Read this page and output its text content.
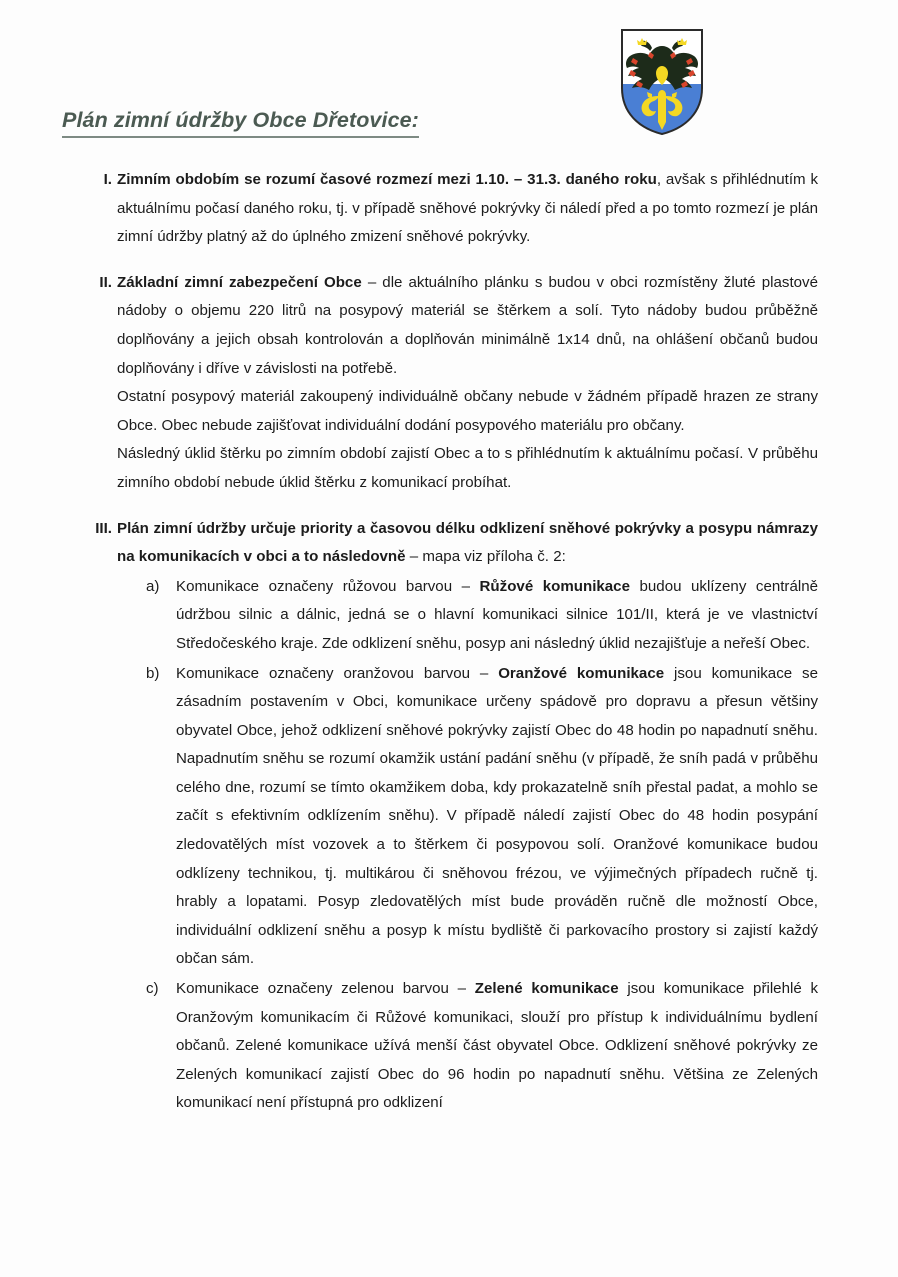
Plán zimní údržby Obce Dřetovice:
I. Zimním obdobím se rozumí časové rozmezí mezi 1.10. – 31.3. daného roku, avšak s přihlédnutím k aktuálnímu počasí daného roku, tj. v případě sněhové pokrývky či náledí před a po tomto rozmezí je plán zimní údržby platný až do úplného zmizení sněhové pokrývky.

II. Základní zimní zabezpečení Obce – dle aktuálního plánku s budou v obci rozmístěny žluté plastové nádoby o objemu 220 litrů na posypový materiál se štěrkem a solí. Tyto nádoby budou průběžně doplňovány a jejich obsah kontrolován a doplňován minimálně 1x14 dnů, na ohlášení občanů budou doplňovány i dříve v závislosti na potřebě.

Ostatní posypový materiál zakoupený individuálně občany nebude v žádném případě hrazen ze strany Obce. Obec nebude zajišťovat individuální dodání posypového materiálu pro občany.

Následný úklid štěrku po zimním období zajistí Obec a to s přihlédnutím k aktuálnímu počasí. V průběhu zimního období nebude úklid štěrku z komunikací probíhat.

III. Plán zimní údržby určuje priority a časovou délku odklizení sněhové pokrývky a posypu námrazy na komunikacích v obci a to následovně – mapa viz příloha č. 2:

a)	Komunikace označeny růžovou barvou – Růžové komunikace budou uklízeny centrálně údržbou silnic a dálnic, jedná se o hlavní komunikaci silnice 101/II, která je ve vlastnictví Středočeského kraje. Zde odklizení sněhu, posyp ani následný úklid nezajišťuje a neřeší Obec.

b)	Komunikace označeny oranžovou barvou – Oranžové komunikace jsou komunikace se zásadním postavením v Obci, komunikace určeny spádově pro dopravu a přesun většiny obyvatel Obce, jehož odklizení sněhové pokrývky zajistí Obec do 48 hodin po napadnutí sněhu. Napadnutím sněhu se rozumí okamžik ustání padání sněhu (v případě, že sníh padá v průběhu celého dne, rozumí se tímto okamžikem doba, kdy prokazatelně sníh přestal padat, a mohlo se začít s efektivním odklízením sněhu). V případě náledí zajistí Obec do 48 hodin posypání zledovatělých míst vozovek a to štěrkem či posypovou solí. Oranžové komunikace budou odklízeny technikou, tj. multikárou či sněhovou frézou, ve výjimečných případech ručně tj. hrably a lopatami. Posyp zledovatělých míst bude prováděn ručně dle možností Obce, individuální odklizení sněhu a posyp k místu bydliště či parkovacího prostory si zajistí každý občan sám.

c)	Komunikace označeny zelenou barvou – Zelené komunikace jsou komunikace přilehlé k Oranžovým komunikacím či Růžové komunikaci, slouží pro přístup k individuálnímu bydlení občanů. Zelené komunikace užívá menší část obyvatel Obce. Odklizení sněhové pokrývky ze Zelených komunikací zajistí Obec do 96 hodin po napadnutí sněhu. Většina ze Zelených komunikací není přístupná pro odklizení
